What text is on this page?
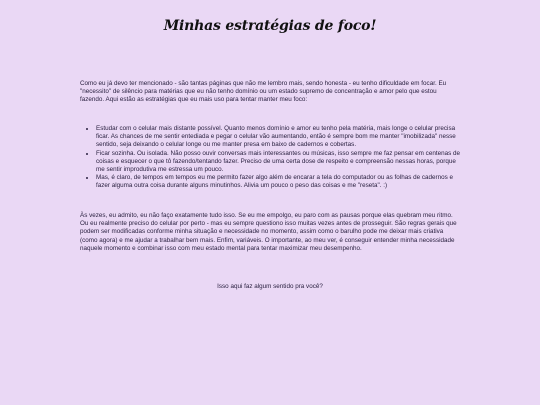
Minhas estratégias de foco!

Como eu já devo ter mencionado - são tantas páginas que não me lembro mais, sendo honesta - eu tenho dificuldade em focar. Eu "necessito" de silêncio para matérias que eu não tenho domínio ou um estado supremo de concentração e amor pelo que estou fazendo. Aqui estão as estratégias que eu mais uso para tentar manter meu foco:

• Estudar com o celular mais distante possível. Quanto menos domínio e amor eu tenho pela matéria, mais longe o celular precisa ficar. As chances de me sentir entediada e pegar o celular vão aumentando, então é sempre bom me manter "imobilizada" nesse sentido, seja deixando o celular longe ou me manter presa em baixo de cadernos e cobertas.
• Ficar sozinha. Ou isolada. Não posso ouvir conversas mais interessantes ou músicas, isso sempre me faz pensar em centenas de coisas e esquecer o que tô fazendo/tentando fazer. Preciso de uma certa dose de respeito e compreensão nessas horas, porque me sentir improdutiva me estressa um pouco.
• Mas, é claro, de tempos em tempos eu me permito fazer algo além de encarar a tela do computador ou as folhas de cadernos e fazer alguma outra coisa durante alguns minutinhos. Alivia um pouco o peso das coisas e me "reseta". :)

Às vezes, eu admito, eu não faço exatamente tudo isso. Se eu me empolgo, eu paro com as pausas porque elas quebram meu ritmo. Ou eu realmente preciso do celular por perto - mas eu sempre questiono isso muitas vezes antes de prosseguir. São regras gerais que podem ser modificadas conforme minha situação e necessidade no momento, assim como o barulho pode me deixar mais criativa (como agora) e me ajudar a trabalhar bem mais. Enfim, variáveis. O importante, ao meu ver, é conseguir entender minha necessidade naquele momento e combinar isso com meu estado mental para tentar maximizar meu desempenho.

Isso aqui faz algum sentido pra você?
